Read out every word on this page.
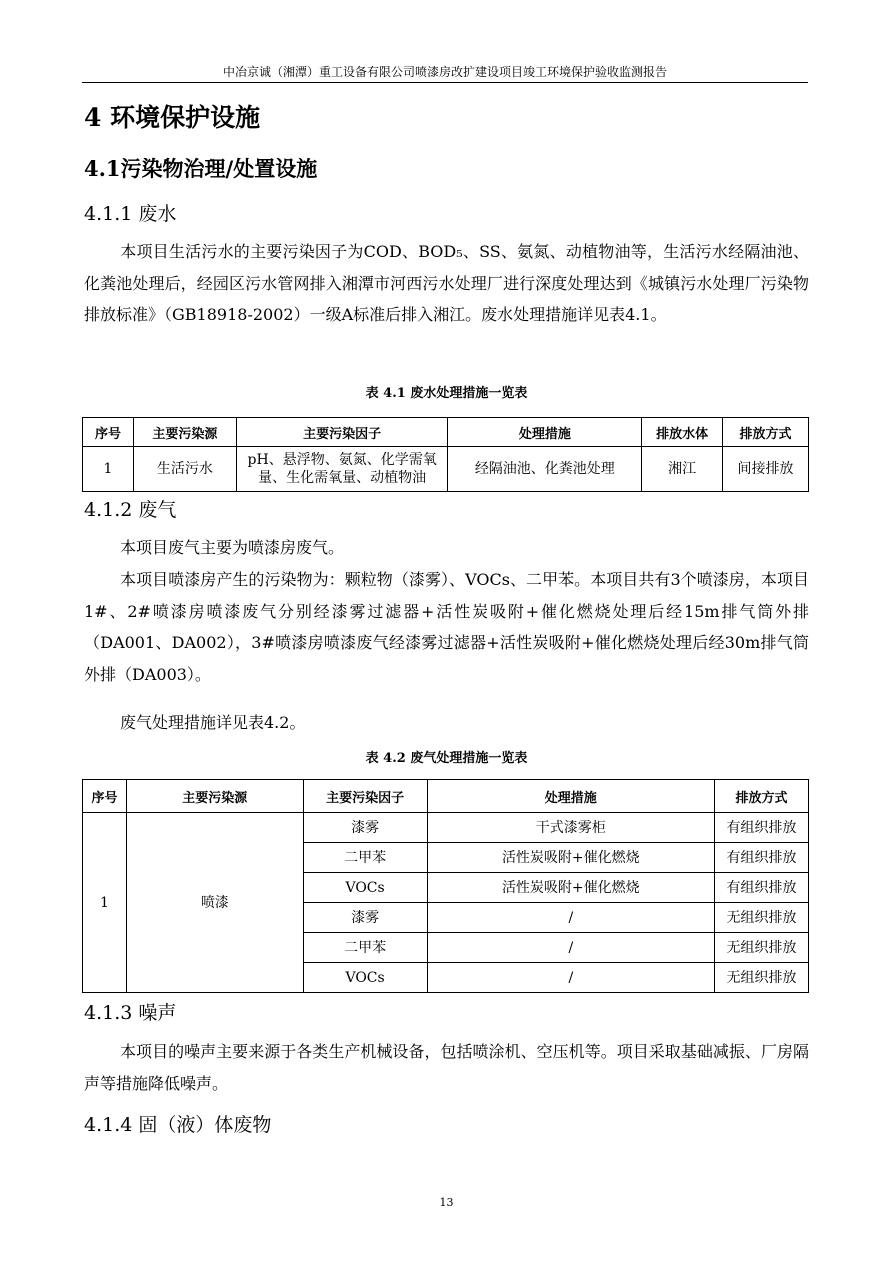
中冶京诚（湘潭）重工设备有限公司喷漆房改扩建设项目竣工环境保护验收监测报告
4 环境保护设施
4.1污染物治理/处置设施
4.1.1 废水
本项目生活污水的主要污染因子为COD、BOD₅、SS、氨氮、动植物油等，生活污水经隔油池、化粪池处理后，经园区污水管网排入湘潭市河西污水处理厂进行深度处理达到《城镇污水处理厂污染物排放标准》（GB18918-2002）一级A标准后排入湘江。废水处理措施详见表4.1。
表 4.1 废水处理措施一览表
序号	主要污染源	主要污染因子	处理措施	排放水体	排放方式
1	生活污水	pH、悬浮物、氨氮、化学需氧
量、生化需氧量、动植物油	经隔油池、化粪池处理	湘江	间接排放
4.1.2 废气
本项目废气主要为喷漆房废气。
本项目喷漆房产生的污染物为：颗粒物（漆雾）、VOCs、二甲苯。本项目共有3个喷漆房，本项目1#、2#喷漆房喷漆废气分别经漆雾过滤器+活性炭吸附+催化燃烧处理后经15m排气筒外排（DA001、DA002），3#喷漆房喷漆废气经漆雾过滤器+活性炭吸附+催化燃烧处理后经30m排气筒外排（DA003）。
废气处理措施详见表4.2。
表 4.2 废气处理措施一览表
序号	主要污染源	主要污染因子	处理措施	排放方式
1	喷漆	漆雾	干式漆雾柜	有组织排放
		二甲苯	活性炭吸附+催化燃烧	有组织排放
		VOCs	活性炭吸附+催化燃烧	有组织排放
		漆雾	/	无组织排放
		二甲苯	/	无组织排放
		VOCs	/	无组织排放
4.1.3 噪声
本项目的噪声主要来源于各类生产机械设备，包括喷涂机、空压机等。项目采取基础减振、厂房隔声等措施降低噪声。
4.1.4 固（液）体废物
13
